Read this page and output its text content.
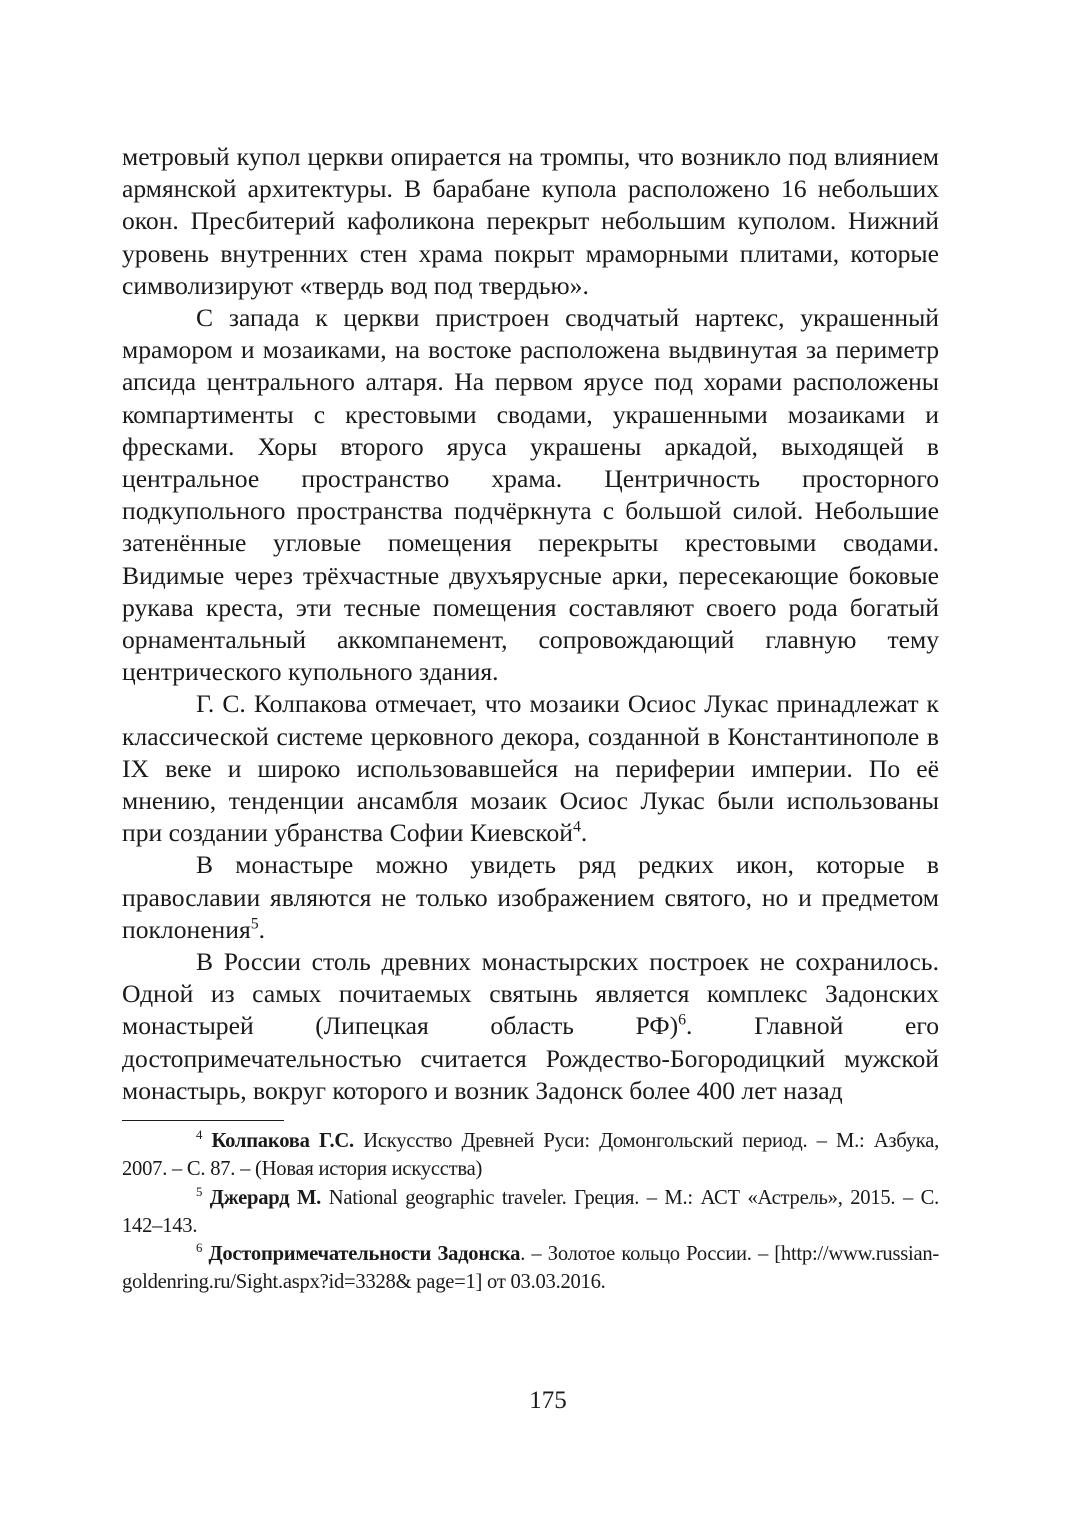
метровый купол церкви опирается на тромпы, что возникло под влиянием армянской архитектуры. В барабане купола расположено 16 небольших окон. Пресбитерий кафоликона перекрыт небольшим куполом. Нижний уровень внутренних стен храма покрыт мраморными плитами, которые символизируют «твердь вод под твердью».

С запада к церкви пристроен сводчатый нартекс, украшенный мрамором и мозаиками, на востоке расположена выдвинутая за периметр апсида центрального алтаря. На первом ярусе под хорами расположены компартименты с крестовыми сводами, украшенными мозаиками и фресками. Хоры второго яруса украшены аркадой, выходящей в центральное пространство храма. Центричность просторного подкупольного пространства подчёркнута с большой силой. Небольшие затенённые угловые помещения перекрыты крестовыми сводами. Видимые через трёхчастные двухъярусные арки, пересекающие боковые рукава креста, эти тесные помещения составляют своего рода богатый орнаментальный аккомпанемент, сопровождающий главную тему центрического купольного здания.

Г. С. Колпакова отмечает, что мозаики Осиос Лукас принадлежат к классической системе церковного декора, созданной в Константинополе в IX веке и широко использовавшейся на периферии империи. По её мнению, тенденции ансамбля мозаик Осиос Лукас были использованы при создании убранства Софии Киевской$^4$.

В монастыре можно увидеть ряд редких икон, которые в православии являются не только изображением святого, но и предметом поклонения$^5$.

В России столь древних монастырских построек не сохранилось. Одной из самых почитаемых святынь является комплекс Задонских монастырей (Липецкая область РФ)$^6$. Главной его достопримечательностью считается Рождество-Богородицкий мужской монастырь, вокруг которого и возник Задонск более 400 лет назад

$^4$ Колпакова Г.С. Искусство Древней Руси: Домонгольский период. – М.: Азбука, 2007. – С. 87. – (Новая история искусства)

$^5$ Джерард М. National geographic traveler. Греция. – М.: АСТ «Астрель», 2015. – С. 142–143.

$^6$ Достопримечательности Задонска. – Золотое кольцо России. – [http://www.russian-goldenring.ru/Sight.aspx?id=3328& page=1] от 03.03.2016.

175
